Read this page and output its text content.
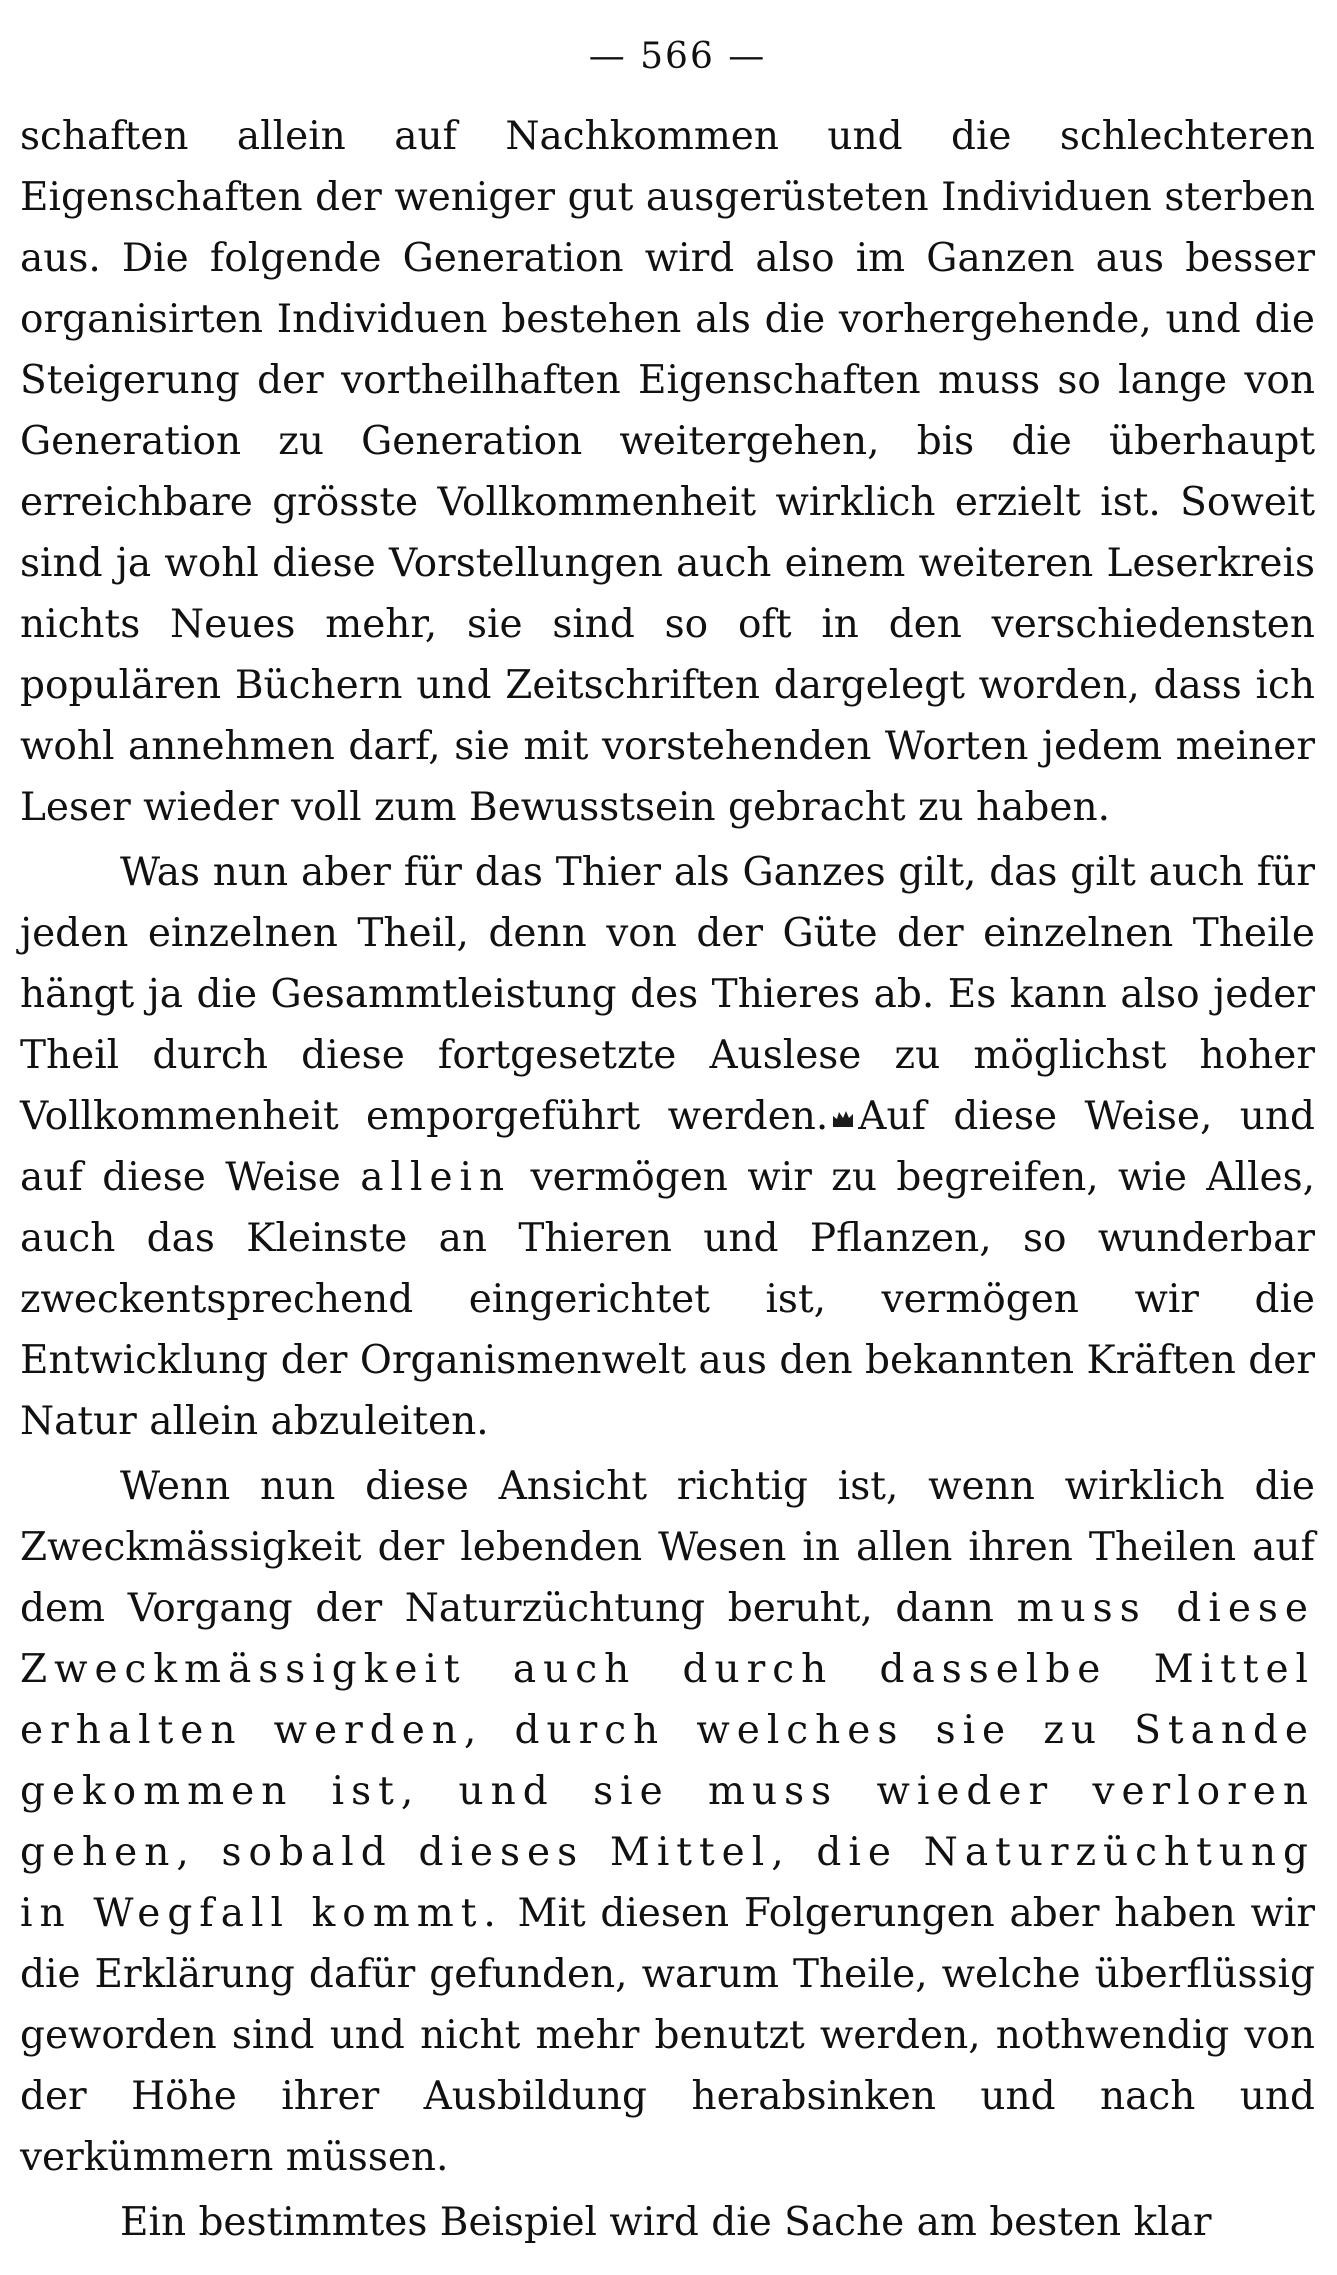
— 566 —

schaften allein auf Nachkommen und die schlechteren Eigenschaften der weniger gut ausgerüsteten Individuen sterben aus. Die folgende Generation wird also im Ganzen aus besser organisirten Individuen bestehen als die vorhergehende, und die Steigerung der vortheilhaften Eigenschaften muss so lange von Generation zu Generation weitergehen, bis die überhaupt erreichbare grösste Vollkommenheit wirklich erzielt ist. Soweit sind ja wohl diese Vorstellungen auch einem weiteren Leserkreis nichts Neues mehr, sie sind so oft in den verschiedensten populären Büchern und Zeitschriften dargelegt worden, dass ich wohl annehmen darf, sie mit vorstehenden Worten jedem meiner Leser wieder voll zum Bewusstsein gebracht zu haben.

Was nun aber für das Thier als Ganzes gilt, das gilt auch für jeden einzelnen Theil, denn von der Güte der einzelnen Theile hängt ja die Gesammtleistung des Thieres ab. Es kann also jeder Theil durch diese fortgesetzte Auslese zu möglichst hoher Vollkommenheit emporgeführt werden. Auf diese Weise, und auf diese Weise allein vermögen wir zu begreifen, wie Alles, auch das Kleinste an Thieren und Pflanzen, so wunderbar zweckentsprechend eingerichtet ist, vermögen wir die Entwicklung der Organismenwelt aus den bekannten Kräften der Natur allein abzuleiten.

Wenn nun diese Ansicht richtig ist, wenn wirklich die Zweckmässigkeit der lebenden Wesen in allen ihren Theilen auf dem Vorgang der Naturzüchtung beruht, dann muss diese Zweckmässigkeit auch durch dasselbe Mittel erhalten werden, durch welches sie zu Stande gekommen ist, und sie muss wieder verloren gehen, sobald dieses Mittel, die Naturzüchtung in Wegfall kommt. Mit diesen Folgerungen aber haben wir die Erklärung dafür gefunden, warum Theile, welche überflüssig geworden sind und nicht mehr benutzt werden, nothwendig von der Höhe ihrer Ausbildung herabsinken und nach und verkümmern müssen.

Ein bestimmtes Beispiel wird die Sache am besten klar
